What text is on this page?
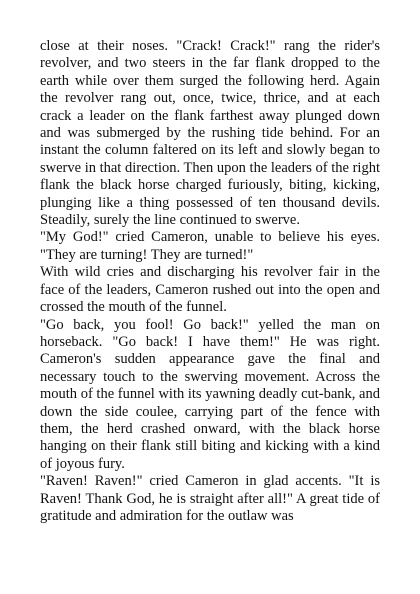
close at their noses. "Crack! Crack!" rang the rider's revolver, and two steers in the far flank dropped to the earth while over them surged the following herd. Again the revolver rang out, once, twice, thrice, and at each crack a leader on the flank farthest away plunged down and was submerged by the rushing tide behind. For an instant the column faltered on its left and slowly began to swerve in that direction. Then upon the leaders of the right flank the black horse charged furiously, biting, kicking, plunging like a thing possessed of ten thousand devils. Steadily, surely the line continued to swerve.

"My God!" cried Cameron, unable to believe his eyes. "They are turning! They are turned!"

With wild cries and discharging his revolver fair in the face of the leaders, Cameron rushed out into the open and crossed the mouth of the funnel.

"Go back, you fool! Go back!" yelled the man on horseback. "Go back! I have them!" He was right. Cameron's sudden appearance gave the final and necessary touch to the swerving movement. Across the mouth of the funnel with its yawning deadly cut-bank, and down the side coulee, carrying part of the fence with them, the herd crashed onward, with the black horse hanging on their flank still biting and kicking with a kind of joyous fury.

"Raven! Raven!" cried Cameron in glad accents. "It is Raven! Thank God, he is straight after all!" A great tide of gratitude and admiration for the outlaw was
